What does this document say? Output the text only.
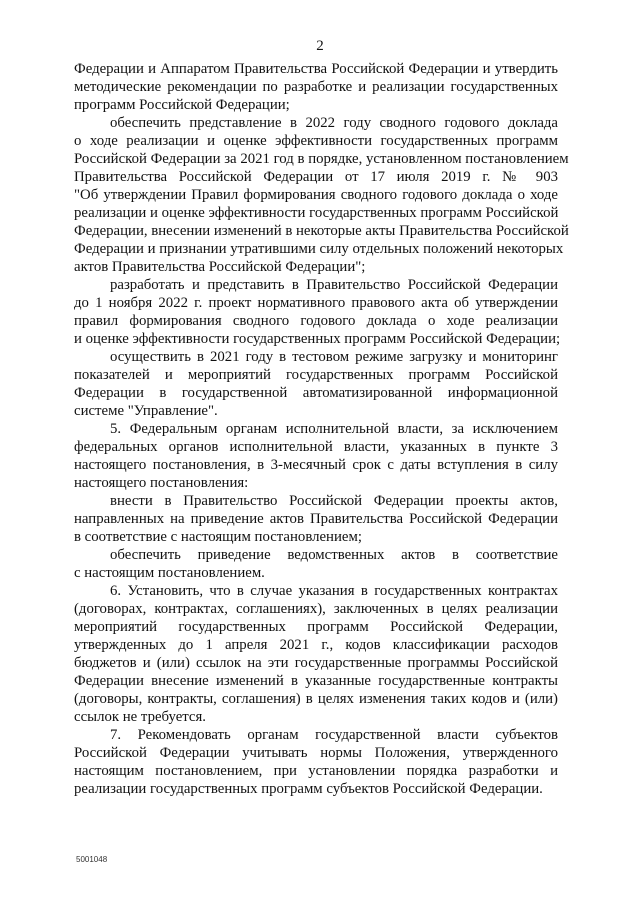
2
Федерации и Аппаратом Правительства Российской Федерации и утвердить
методические рекомендации по разработке и реализации государственных
программ Российской Федерации;
обеспечить представление в 2022 году сводного годового доклада
о ходе реализации и оценке эффективности государственных программ
Российской Федерации за 2021 год в порядке, установленном постановлением
Правительства Российской Федерации от 17 июля 2019 г. № 903
"Об утверждении Правил формирования сводного годового доклада о ходе
реализации и оценке эффективности государственных программ Российской
Федерации, внесении изменений в некоторые акты Правительства Российской
Федерации и признании утратившими силу отдельных положений некоторых
актов Правительства Российской Федерации";
разработать и представить в Правительство Российской Федерации
до 1 ноября 2022 г. проект нормативного правового акта об утверждении
правил формирования сводного годового доклада о ходе реализации
и оценке эффективности государственных программ Российской Федерации;
осуществить в 2021 году в тестовом режиме загрузку и мониторинг
показателей и мероприятий государственных программ Российской
Федерации в государственной автоматизированной информационной
системе "Управление".
5. Федеральным органам исполнительной власти, за исключением
федеральных органов исполнительной власти, указанных в пункте 3
настоящего постановления, в 3-месячный срок с даты вступления в силу
настоящего постановления:
внести в Правительство Российской Федерации проекты актов,
направленных на приведение актов Правительства Российской Федерации
в соответствие с настоящим постановлением;
обеспечить приведение ведомственных актов в соответствие
с настоящим постановлением.
6. Установить, что в случае указания в государственных контрактах
(договорах, контрактах, соглашениях), заключенных в целях реализации
мероприятий государственных программ Российской Федерации,
утвержденных до 1 апреля 2021 г., кодов классификации расходов
бюджетов и (или) ссылок на эти государственные программы Российской
Федерации внесение изменений в указанные государственные контракты
(договоры, контракты, соглашения) в целях изменения таких кодов и (или)
ссылок не требуется.
7. Рекомендовать органам государственной власти субъектов
Российской Федерации учитывать нормы Положения, утвержденного
настоящим постановлением, при установлении порядка разработки и
реализации государственных программ субъектов Российской Федерации.
5001048
